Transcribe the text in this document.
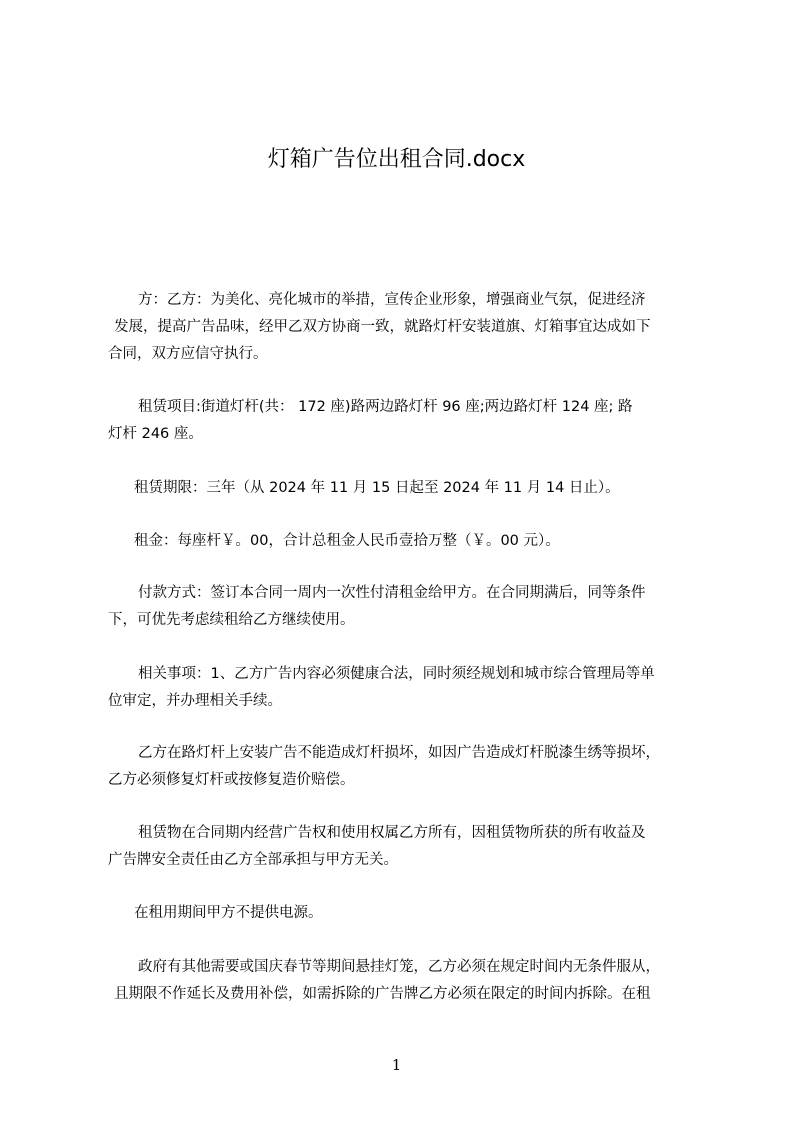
灯箱广告位出租合同.docx
方：乙方：为美化、亮化城市的举措，宣传企业形象，增强商业气氛，促进经济
发展，提高广告品味，经甲乙双方协商一致，就路灯杆安装道旗、灯箱事宜达成如下
合同，双方应信守执行。
租赁项目:街道灯杆(共： 172 座)路两边路灯杆 96 座;两边路灯杆 124 座; 路
灯杆 246 座。
租赁期限：三年（从 2024 年 11 月 15 日起至 2024 年 11 月 14 日止）。
租金：每座杆￥。00，合计总租金人民币壹拾万整（￥。00 元）。
付款方式：签订本合同一周内一次性付清租金给甲方。在合同期满后，同等条件
下，可优先考虑续租给乙方继续使用。
相关事项：1、乙方广告内容必须健康合法，同时须经规划和城市综合管理局等单
位审定，并办理相关手续。
乙方在路灯杆上安装广告不能造成灯杆损坏，如因广告造成灯杆脱漆生绣等损坏，
乙方必须修复灯杆或按修复造价赔偿。
租赁物在合同期内经营广告权和使用权属乙方所有，因租赁物所获的所有收益及
广告牌安全责任由乙方全部承担与甲方无关。
在租用期间甲方不提供电源。
政府有其他需要或国庆春节等期间悬挂灯笼，乙方必须在规定时间内无条件服从，
且期限不作延长及费用补偿，如需拆除的广告牌乙方必须在限定的时间内拆除。在租
1
